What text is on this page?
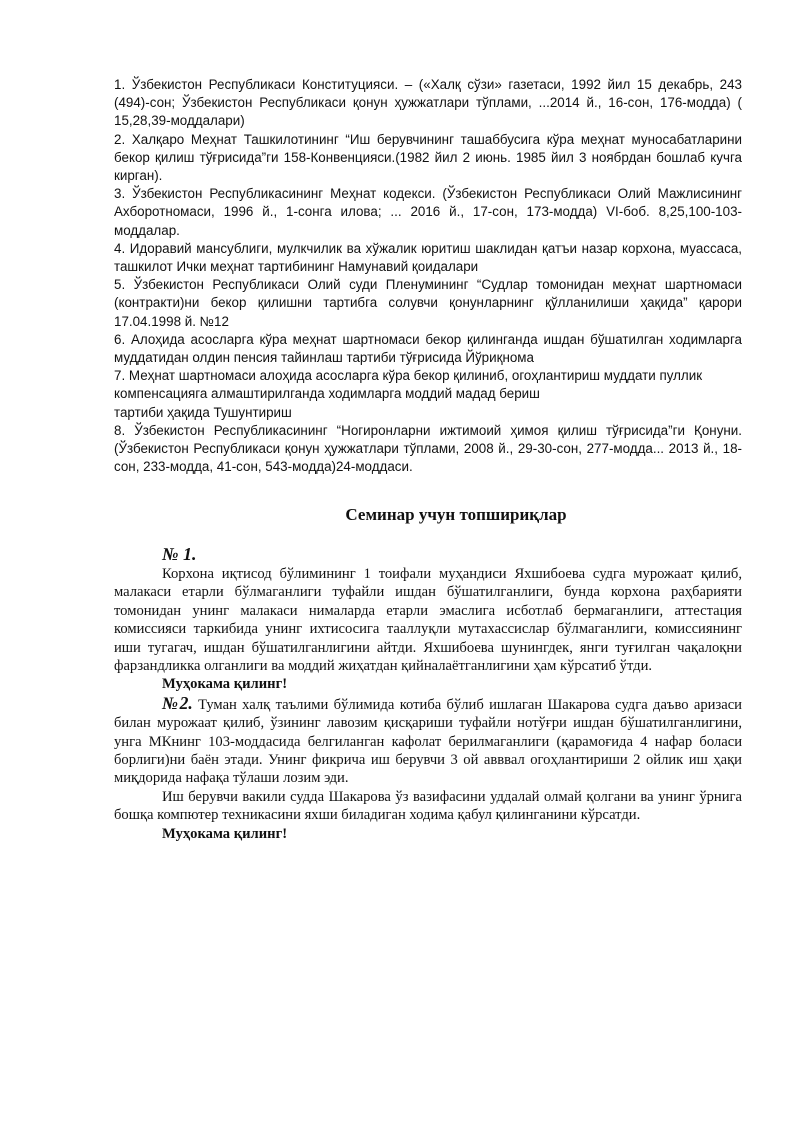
1. Ўзбекистон Республикаси Конституцияси. – («Халқ сўзи» газетаси, 1992 йил 15 декабрь, 243 (494)-сон; Ўзбекистон Республикаси қонун ҳужжатлари тўплами, ...2014 й., 16-сон, 176-модда) ( 15,28,39-моддалари)

2. Халқаро Меҳнат Ташкилотининг “Иш берувчининг ташаббусига кўра меҳнат муносабатларини бекор қилиш тўғрисида”ги 158-Конвенцияси.(1982 йил 2 июнь. 1985 йил 3 ноябрдан бошлаб кучга кирган).

3. Ўзбекистон Республикасининг Меҳнат кодекси. (Ўзбекистон Республикаси Олий Мажлисининг Ахборотномаси, 1996 й., 1-сонга илова; ... 2016 й., 17-сон, 173-модда) VI-боб. 8,25,100-103-моддалар.

4. Идоравий мансублиги, мулкчилик ва хўжалик юритиш шаклидан қатъи назар корхона, муассаса, ташкилот Ички меҳнат тартибининг Намунавий қоидалари

5. Ўзбекистон Республикаси Олий суди Пленумининг “Судлар томонидан меҳнат шартномаси (контракти)ни бекор қилишни тартибга солувчи қонунларнинг қўлланилиши ҳақида” қарори 17.04.1998 й. №12

6. Алоҳида асосларга кўра меҳнат шартномаси бекор қилинганда ишдан бўшатилган ходимларга муддатидан олдин пенсия тайинлаш тартиби тўғрисида Йўриқнома

7. Меҳнат шартномаси алоҳида асосларга кўра бекор қилиниб, огоҳлантириш муддати пуллик компенсацияга алмаштирилганда ходимларга моддий мадад бериш

тартиби ҳақида Тушунтириш

8. Ўзбекистон Республикасининг “Ногиронларни ижтимоий ҳимоя қилиш тўғрисида”ги Қонуни.(Ўзбекистон Республикаси қонун ҳужжатлари тўплами, 2008 й., 29-30-сон, 277-модда... 2013 й., 18-сон, 233-модда, 41-сон, 543-модда)24-моддаси.

Семинар учун топшириқлар

№ 1.

Корхона иқтисод бўлимининг 1 тоифали муҳандиси Яхшибоева судга мурожаат қилиб, малакаси етарли бўлмаганлиги туфайли ишдан бўшатилганлиги, бунда корхона раҳбарияти томонидан унинг малакаси нималарда етарли эмаслига исботлаб бермаганлиги, аттестация комиссияси таркибида унинг ихтисосига тааллуқли мутахассислар бўлмаганлиги, комиссиянинг иши тугагач, ишдан бўшатилганлигини айтди. Яхшибоева шунингдек, янги туғилган чақалоқни фарзандликка олганлиги ва моддий жиҳатдан қийналаётганлигини ҳам кўрсатиб ўтди.

Муҳокама қилинг!

№2. Туман халқ таълими бўлимида котиба бўлиб ишлаган Шакарова судга даъво аризаси билан мурожаат қилиб, ўзининг лавозим қисқариши туфайли нотўғри ишдан бўшатилганлигини, унга МКнинг 103-моддасида белгиланган кафолат берилмаганлиги (қарамоғида 4 нафар боласи борлиги)ни баён этади. Унинг фикрича иш берувчи 3 ой авввал огоҳлантириши 2 ойлик иш ҳақи миқдорида нафақа тўлаши лозим эди.

Иш берувчи вакили судда Шакарова ўз вазифасини уддалай олмай қолгани ва унинг ўрнига бошқа компютер техникасини яхши биладиган ходима қабул қилинганини кўрсатди.

Муҳокама қилинг!
